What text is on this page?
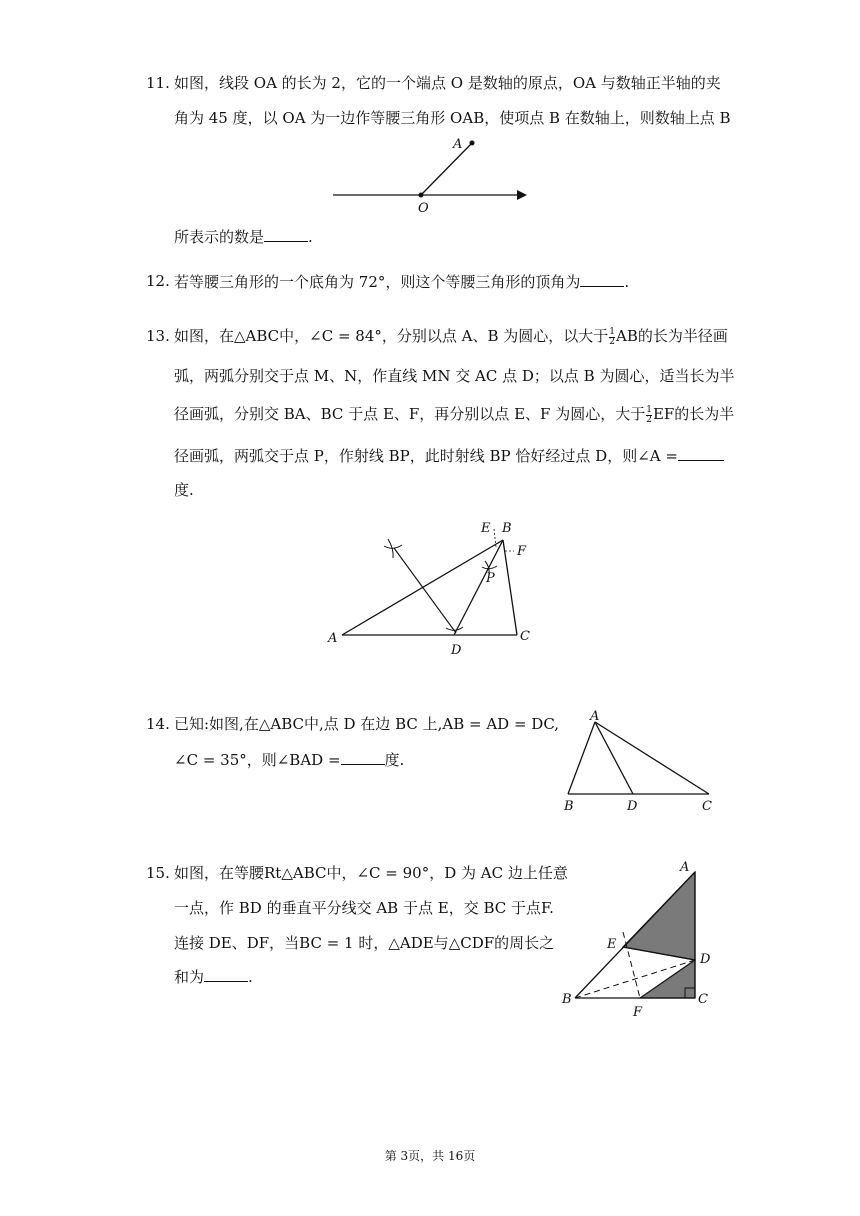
11. 如图，线段 OA 的长为 2，它的一个端点 O 是数轴的原点，OA 与数轴正半轴的夹
角为 45 度，以 OA 为一边作等腰三角形 OAB，使项点 B 在数轴上，则数轴上点 B
所表示的数是	.
A
O
12. 若等腰三角形的一个底角为 72°，则这个等腰三角形的顶角为	.
13. 如图，在△ABC中，∠C = 84°，分别以点 A、B 为圆心，以大于 $\frac{1}{2}$ AB的长为半径画
弧，两弧分别交于点 M、N，作直线 MN 交 AC 点 D；以点 B 为圆心，适当长为半
径画弧，分别交 BA、BC 于点 E、F，再分别以点 E、F 为圆心，大于 $\frac{1}{2}$ EF的长为半
径画弧，两弧交于点 P，作射线 BP，此时射线 BP 恰好经过点 D，则∠A =
度.
E B
F
P
A
D
C
14. 已知:如图,在△ABC中,点 D 在边 BC 上,AB = AD = DC,
∠C = 35°，则∠BAD =	度.
A
B	D	C
15. 如图，在等腰Rt△ABC中，∠C = 90°，D 为 AC 边上任意
一点，作 BD 的垂直平分线交 AB 于点 E，交 BC 于点F.
连接 DE、DF，当BC = 1 时，△ADE与△CDF的周长之
和为	.
A
E
D
B
F
C
第 3页，共 16页
